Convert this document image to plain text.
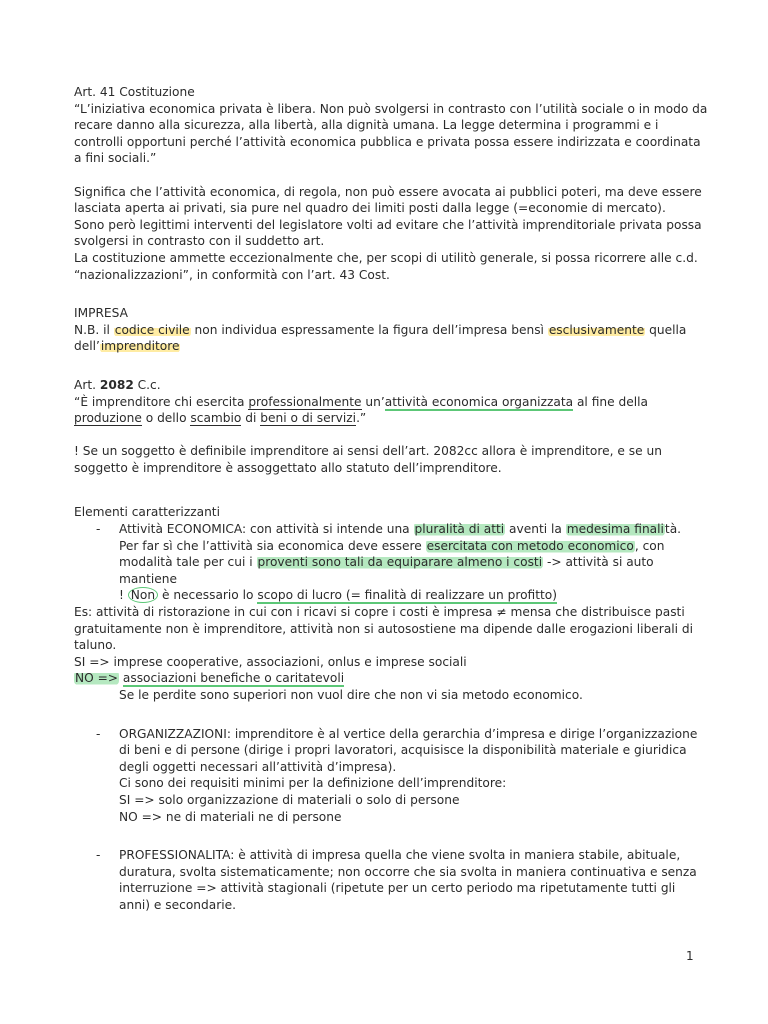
Art. 41 Costituzione
“L’iniziativa economica privata è libera. Non può svolgersi in contrasto con l’utilità sociale o in modo da
recare danno alla sicurezza, alla libertà, alla dignità umana. La legge determina i programmi e i
controlli opportuni perché l’attività economica pubblica e privata possa essere indirizzata e coordinata
a fini sociali.”
Significa che l’attività economica, di regola, non può essere avocata ai pubblici poteri, ma deve essere
lasciata aperta ai privati, sia pure nel quadro dei limiti posti dalla legge (=economie di mercato).
Sono però legittimi interventi del legislatore volti ad evitare che l’attività imprenditoriale privata possa
svolgersi in contrasto con il suddetto art.
La costituzione ammette eccezionalmente che, per scopi di utilitò generale, si possa ricorrere alle c.d.
“nazionalizzazioni”, in conformità con l’art. 43 Cost.
IMPRESA
N.B. il codice civile non individua espressamente la figura dell’impresa bensì esclusivamente quella
dell’imprenditore
Art. 2082 C.c.
“È imprenditore chi esercita professionalmente un’attività economica organizzata al fine della
produzione o dello scambio di beni o di servizi.”
! Se un soggetto è definibile imprenditore ai sensi dell’art. 2082cc allora è imprenditore, e se un
soggetto è imprenditore è assoggettato allo statuto dell’imprenditore.
Elementi caratterizzanti
- Attività ECONOMICA: con attività si intende una pluralità di atti aventi la medesima finalità.
Per far sì che l’attività sia economica deve essere esercitata con metodo economico, con
modalità tale per cui i proventi sono tali da equiparare almeno i costi -> attività si auto
mantiene
! Non è necessario lo scopo di lucro (= finalità di realizzare un profitto)
Es: attività di ristorazione in cui con i ricavi si copre i costi è impresa ≠ mensa che distribuisce pasti
gratuitamente non è imprenditore, attività non si autosostiene ma dipende dalle erogazioni liberali di
taluno.
SI => imprese cooperative, associazioni, onlus e imprese sociali
NO => associazioni benefiche o caritatevoli
Se le perdite sono superiori non vuol dire che non vi sia metodo economico.
- ORGANIZZAZIONI: imprenditore è al vertice della gerarchia d’impresa e dirige l’organizzazione
di beni e di persone (dirige i propri lavoratori, acquisisce la disponibilità materiale e giuridica
degli oggetti necessari all’attività d’impresa).
Ci sono dei requisiti minimi per la definizione dell’imprenditore:
SI => solo organizzazione di materiali o solo di persone
NO => ne di materiali ne di persone
- PROFESSIONALITA: è attività di impresa quella che viene svolta in maniera stabile, abituale,
duratura, svolta sistematicamente; non occorre che sia svolta in maniera continuativa e senza
interruzione => attività stagionali (ripetute per un certo periodo ma ripetutamente tutti gli
anni) e secondarie.
1
